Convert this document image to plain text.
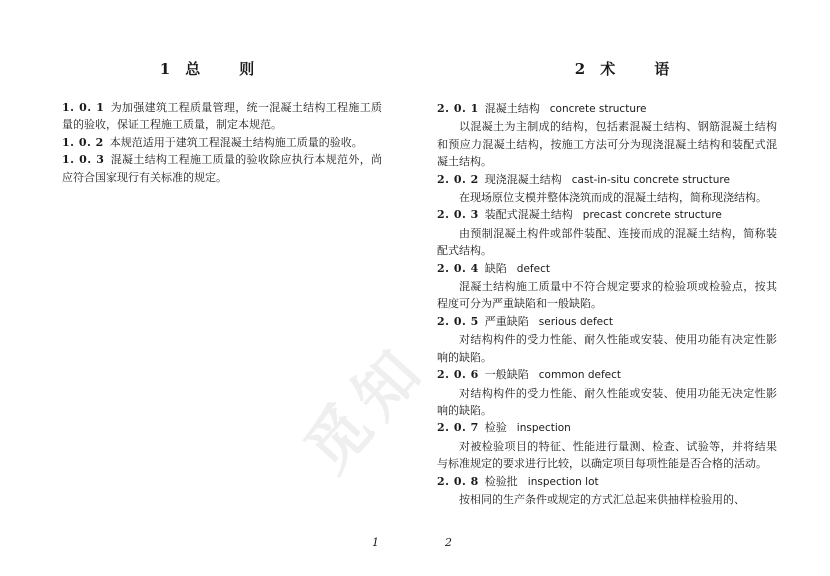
觅知
1 总	则

1. 0. 1 为加强建筑工程质量管理，统一混凝土结构工程施工质量的验收，保证工程施工质量，制定本规范。

1. 0. 2 本规范适用于建筑工程混凝土结构施工质量的验收。

1. 0. 3 混凝土结构工程施工质量的验收除应执行本规范外，尚应符合国家现行有关标准的规定。

1
2 术	语

2. 0. 1 混凝土结构 concrete structure

以混凝土为主制成的结构，包括素混凝土结构、钢筋混凝土结构和预应力混凝土结构，按施工方法可分为现浇混凝土结构和装配式混凝土结构。

2. 0. 2 现浇混凝土结构 cast-in-situ concrete structure

在现场原位支模并整体浇筑而成的混凝土结构，简称现浇结构。

2. 0. 3 装配式混凝土结构 precast concrete structure

由预制混凝土构件或部件装配、连接而成的混凝土结构，简称装配式结构。

2. 0. 4 缺陷 defect

混凝土结构施工质量中不符合规定要求的检验项或检验点，按其程度可分为严重缺陷和一般缺陷。

2. 0. 5 严重缺陷 serious defect

对结构构件的受力性能、耐久性能或安装、使用功能有决定性影响的缺陷。

2. 0. 6 一般缺陷 common defect

对结构构件的受力性能、耐久性能或安装、使用功能无决定性影响的缺陷。

2. 0. 7 检验 inspection

对被检验项目的特征、性能进行量测、检查、试验等，并将结果与标准规定的要求进行比较，以确定项目每项性能是否合格的活动。

2. 0. 8 检验批 inspection lot

按相同的生产条件或规定的方式汇总起来供抽样检验用的、

2
